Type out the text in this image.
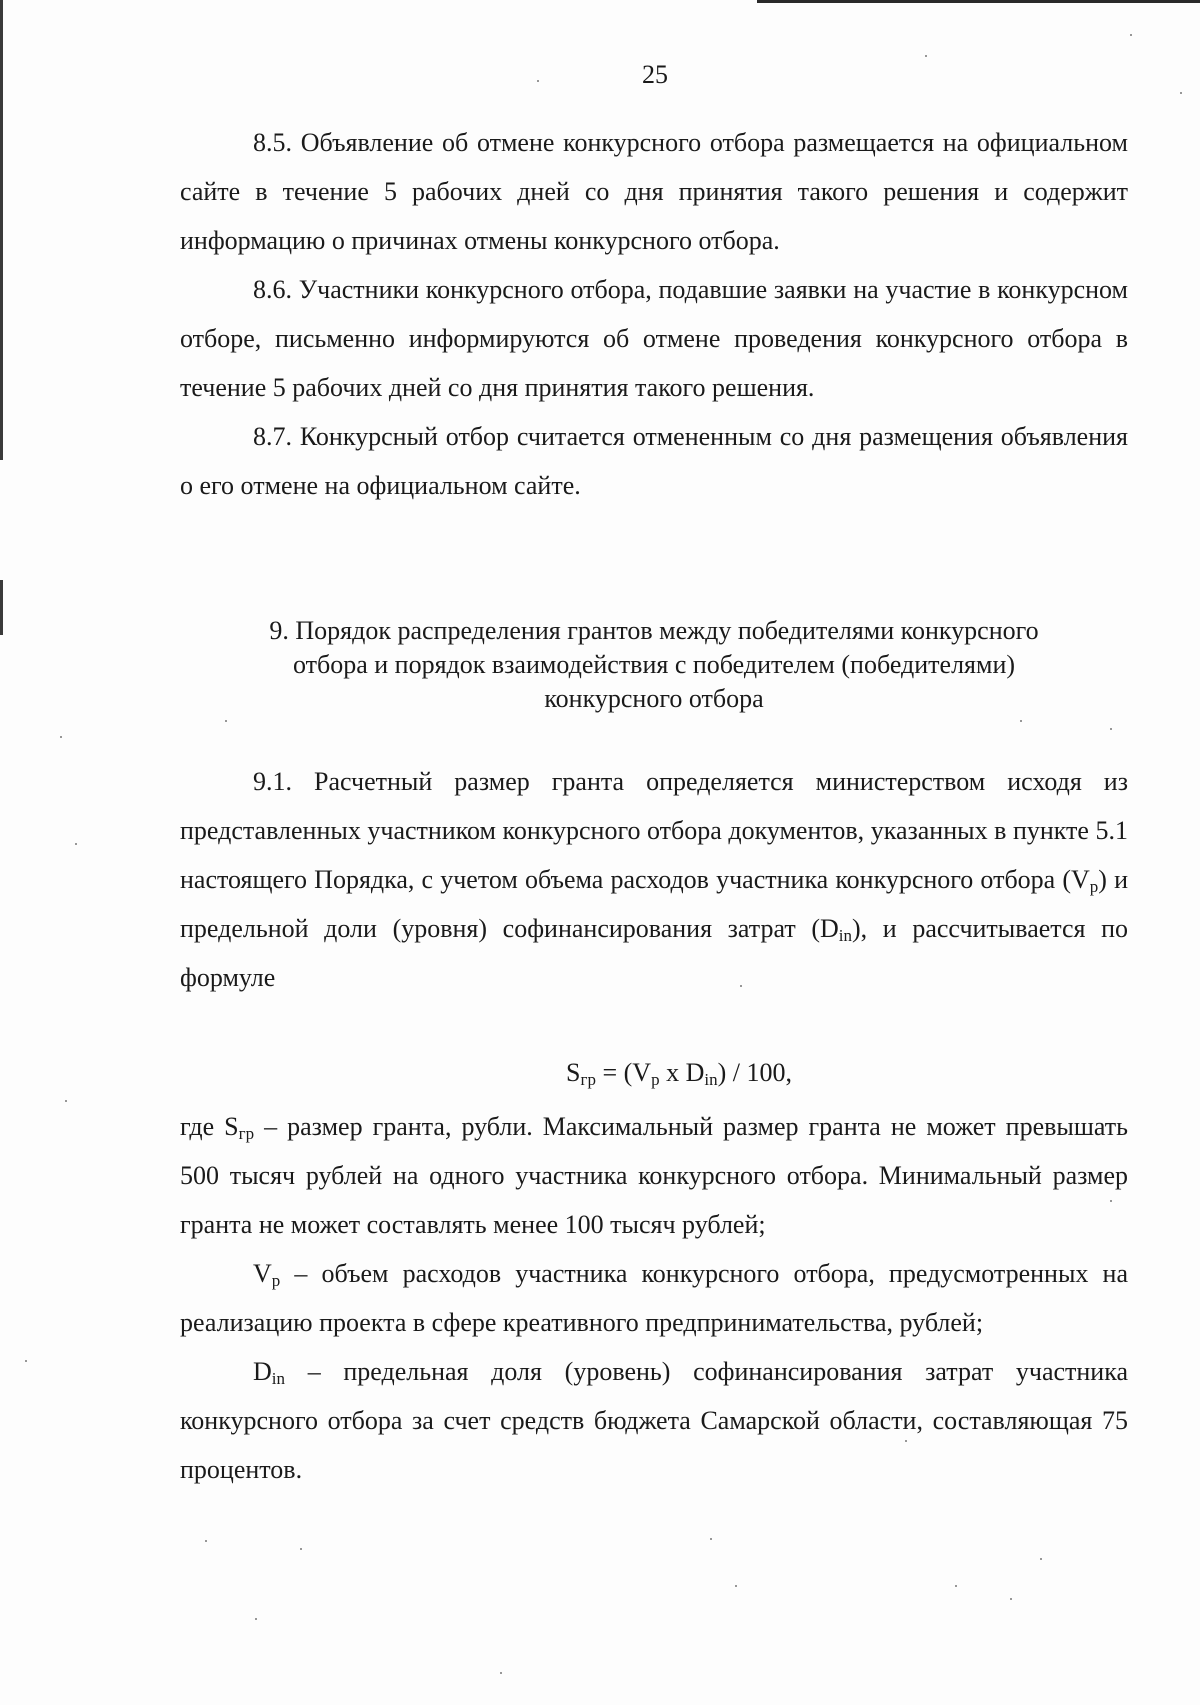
25

8.5. Объявление об отмене конкурсного отбора размещается на официальном сайте в течение 5 рабочих дней со дня принятия такого решения и содержит информацию о причинах отмены конкурсного отбора.

8.6. Участники конкурсного отбора, подавшие заявки на участие в конкурсном отборе, письменно информируются об отмене проведения конкурсного отбора в течение 5 рабочих дней со дня принятия такого решения.

8.7. Конкурсный отбор считается отмененным со дня размещения объявления о его отмене на официальном сайте.

9. Порядок распределения грантов между победителями конкурсного
отбора и порядок взаимодействия с победителем (победителями)
конкурсного отбора

9.1. Расчетный размер гранта определяется министерством исходя из представленных участником конкурсного отбора документов, указанных в пункте 5.1 настоящего Порядка, с учетом объема расходов участника конкурсного отбора $(V_р)$ и предельной доли (уровня) софинансирования затрат $(D_{in})$, и рассчитывается по формуле

$S_{гр} = (V_р$ x $D_{in}) / 100$,

где $S_{гр}$ – размер гранта, рубли. Максимальный размер гранта не может превышать 500 тысяч рублей на одного участника конкурсного отбора. Минимальный размер гранта не может составлять менее 100 тысяч рублей;

$V_р$ – объем расходов участника конкурсного отбора, предусмотренных на реализацию проекта в сфере креативного предпринимательства, рублей;

$D_{in}$ – предельная доля (уровень) софинансирования затрат участника конкурсного отбора за счет средств бюджета Самарской области, составляющая 75 процентов.
